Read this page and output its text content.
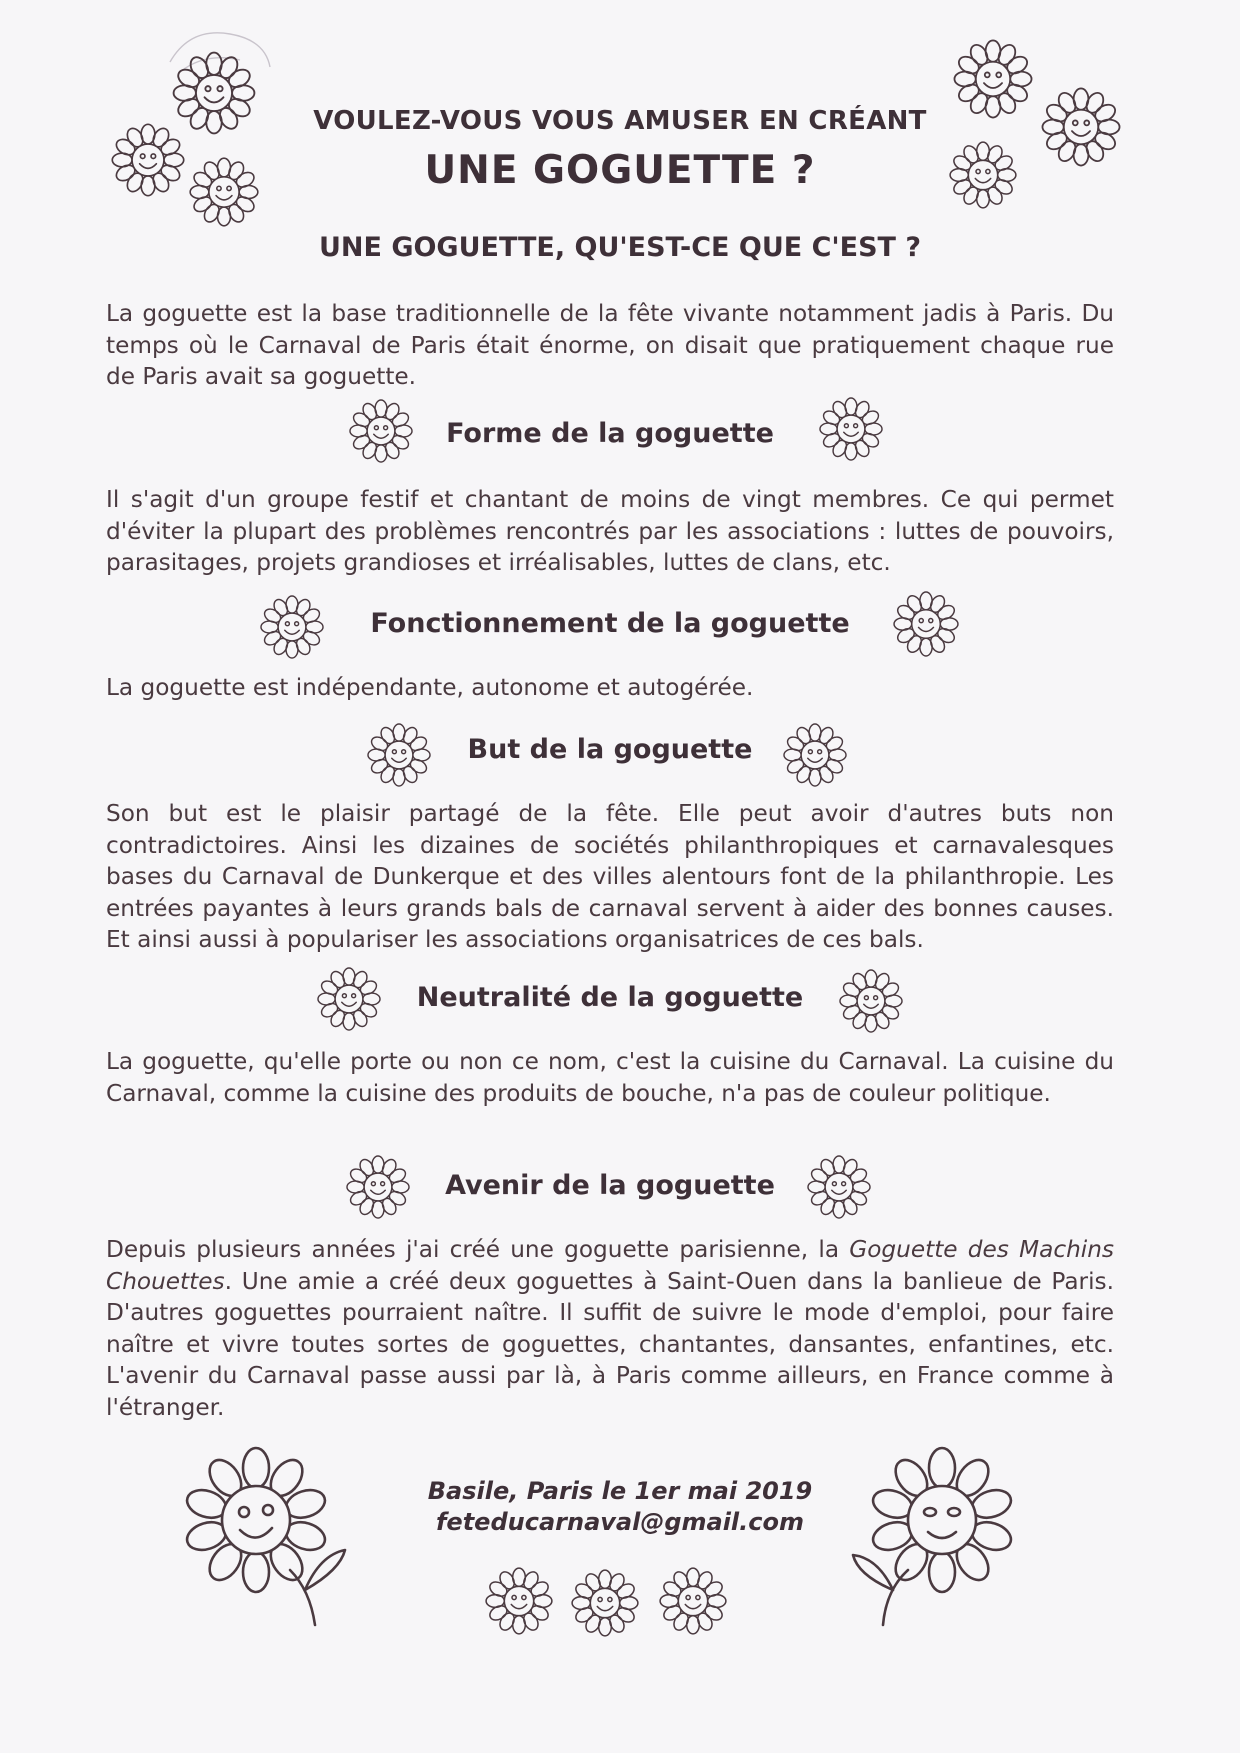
VOULEZ-VOUS VOUS AMUSER EN CRÉANT
UNE GOGUETTE ?
UNE GOGUETTE, QU'EST-CE QUE C'EST ?

La goguette est la base traditionnelle de la fête vivante notamment jadis à Paris. Du temps où le Carnaval de Paris était énorme, on disait que pratiquement chaque rue de Paris avait sa goguette.

Forme de la goguette

Il s'agit d'un groupe festif et chantant de moins de vingt membres. Ce qui permet d'éviter la plupart des problèmes rencontrés par les associations : luttes de pouvoirs, parasitages, projets grandioses et irréalisables, luttes de clans, etc.

Fonctionnement de la goguette

La goguette est indépendante, autonome et autogérée.

But de la goguette

Son but est le plaisir partagé de la fête. Elle peut avoir d'autres buts non contradictoires. Ainsi les dizaines de sociétés philanthropiques et carnavalesques bases du Carnaval de Dunkerque et des villes alentours font de la philanthropie. Les entrées payantes à leurs grands bals de carnaval servent à aider des bonnes causes. Et ainsi aussi à populariser les associations organisatrices de ces bals.

Neutralité de la goguette

La goguette, qu'elle porte ou non ce nom, c'est la cuisine du Carnaval. La cuisine du Carnaval, comme la cuisine des produits de bouche, n'a pas de couleur politique.

Avenir de la goguette

Depuis plusieurs années j'ai créé une goguette parisienne, la Goguette des Machins Chouettes. Une amie a créé deux goguettes à Saint-Ouen dans la banlieue de Paris. D'autres goguettes pourraient naître. Il suffit de suivre le mode d'emploi, pour faire naître et vivre toutes sortes de goguettes, chantantes, dansantes, enfantines, etc. L'avenir du Carnaval passe aussi par là, à Paris comme ailleurs, en France comme à l'étranger.

Basile, Paris le 1er mai 2019
feteducarnaval@gmail.com
